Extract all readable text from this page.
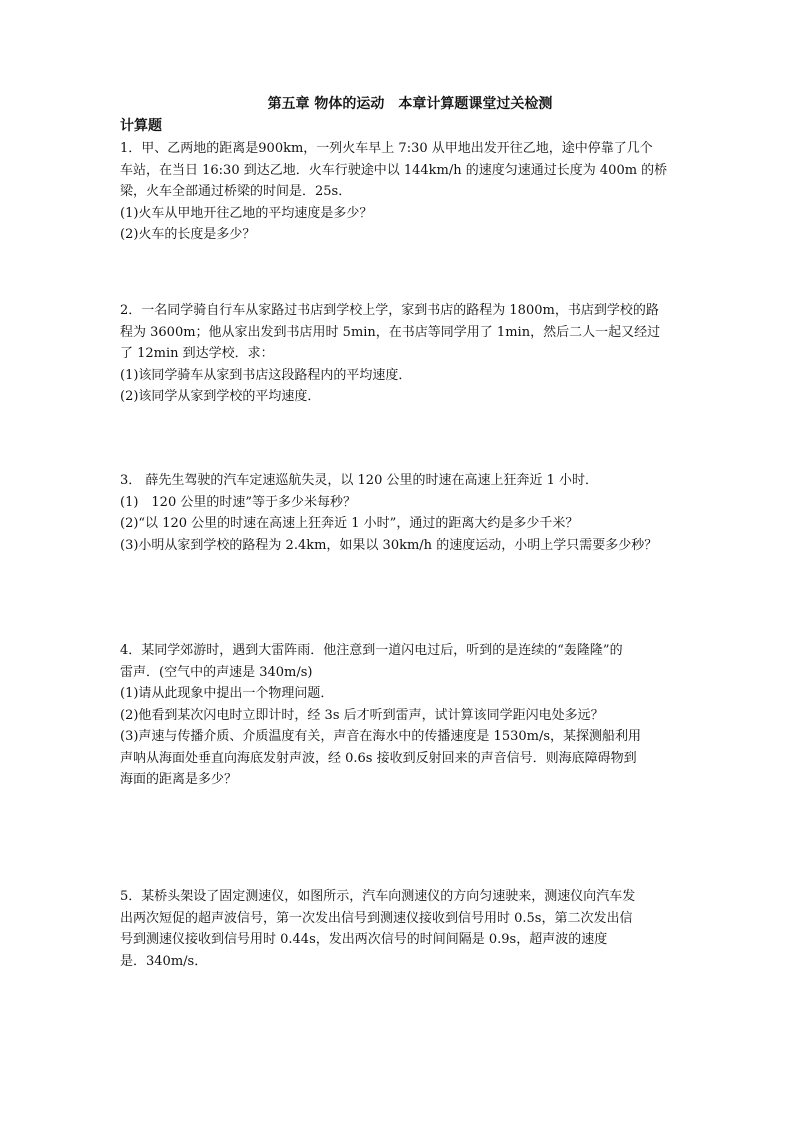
第五章 物体的运动　本章计算题课堂过关检测

计算题

1．甲、乙两地的距离是900km，一列火车早上 7:30 从甲地出发开往乙地，途中停靠了几个

车站，在当日 16:30 到达乙地．火车行驶途中以 144km/h 的速度匀速通过长度为 400m 的桥

梁，火车全部通过桥梁的时间是．25s．

(1)火车从甲地开往乙地的平均速度是多少？

(2)火车的长度是多少？

2．一名同学骑自行车从家路过书店到学校上学，家到书店的路程为 1800m，书店到学校的路

程为 3600m；他从家出发到书店用时 5min，在书店等同学用了 1min，然后二人一起又经过

了 12min 到达学校．求：

(1)该同学骑车从家到书店这段路程内的平均速度．

(2)该同学从家到学校的平均速度．

3． 薛先生驾驶的汽车定速巡航失灵，以 120 公里的时速在高速上狂奔近 1 小时．

(1)　120 公里的时速”等于多少米每秒？

(2)“以 120 公里的时速在高速上狂奔近 1 小时”，通过的距离大约是多少千米？

(3)小明从家到学校的路程为 2.4km，如果以 30km/h 的速度运动，小明上学只需要多少秒？

4．某同学郊游时，遇到大雷阵雨．他注意到一道闪电过后，听到的是连续的“轰隆隆”的

雷声．(空气中的声速是 340m/s)

(1)请从此现象中提出一个物理问题．

(2)他看到某次闪电时立即计时，经 3s 后才听到雷声，试计算该同学距闪电处多远？

(3)声速与传播介质、介质温度有关，声音在海水中的传播速度是 1530m/s，某探测船利用

声呐从海面处垂直向海底发射声波，经 0.6s 接收到反射回来的声音信号．则海底障碍物到

海面的距离是多少？

5．某桥头架设了固定测速仪，如图所示，汽车向测速仪的方向匀速驶来，测速仪向汽车发

出两次短促的超声波信号，第一次发出信号到测速仪接收到信号用时 0.5s，第二次发出信

号到测速仪接收到信号用时 0.44s，发出两次信号的时间间隔是 0.9s，超声波的速度

是．340m/s．
